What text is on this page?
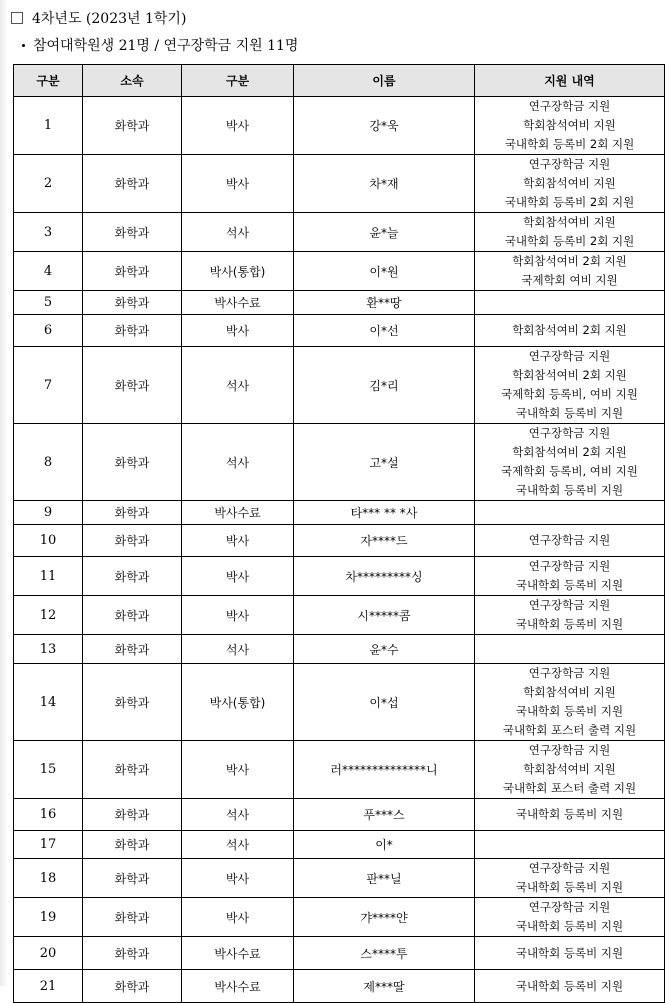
4차년도 (2023년 1학기)
참여대학원생 21명 / 연구장학금 지원 11명
구분	소속	구분	이름	지원 내역
1	화학과	박사	강*욱	연구장학금 지원
학회참석여비 지원
국내학회 등록비 2회 지원

2	화학과	박사	차*재	연구장학금 지원
학회참석여비 지원
국내학회 등록비 2회 지원

3	화학과	석사	윤*늘	학회참석여비 지원
국내학회 등록비 2회 지원

4	화학과	박사(통합)	이*원	학회참석여비 2회 지원
국제학회 여비 지원

5	화학과	박사수료	환**땅	
6	화학과	박사	이*선	학회참석여비 2회 지원

7	화학과	석사	김*리	연구장학금 지원
학회참석여비 2회 지원
국제학회 등록비, 여비 지원
국내학회 등록비 지원

8	화학과	석사	고*설	연구장학금 지원
학회참석여비 2회 지원
국제학회 등록비, 여비 지원
국내학회 등록비 지원

9	화학과	박사수료	타*** ** *사	
10	화학과	박사	자****드	연구장학금 지원

11	화학과	박사	차*********싱	연구장학금 지원
국내학회 등록비 지원

12	화학과	박사	시*****콤	연구장학금 지원
국내학회 등록비 지원

13	화학과	석사	윤*수	
14	화학과	박사(통합)	이*섭	연구장학금 지원
학회참석여비 지원
국내학회 등록비 지원
국내학회 포스터 출력 지원

15	화학과	박사	러**************니	연구장학금 지원
학회참석여비 지원
국내학회 포스터 출력 지원

16	화학과	석사	푸***스	국내학회 등록비 지원

17	화학과	석사	이*	
18	화학과	박사	판**닐	연구장학금 지원
국내학회 등록비 지원

19	화학과	박사	갸****얀	연구장학금 지원
국내학회 등록비 지원

20	화학과	박사수료	스****투	국내학회 등록비 지원

21	화학과	박사수료	제***딸	국내학회 등록비 지원
